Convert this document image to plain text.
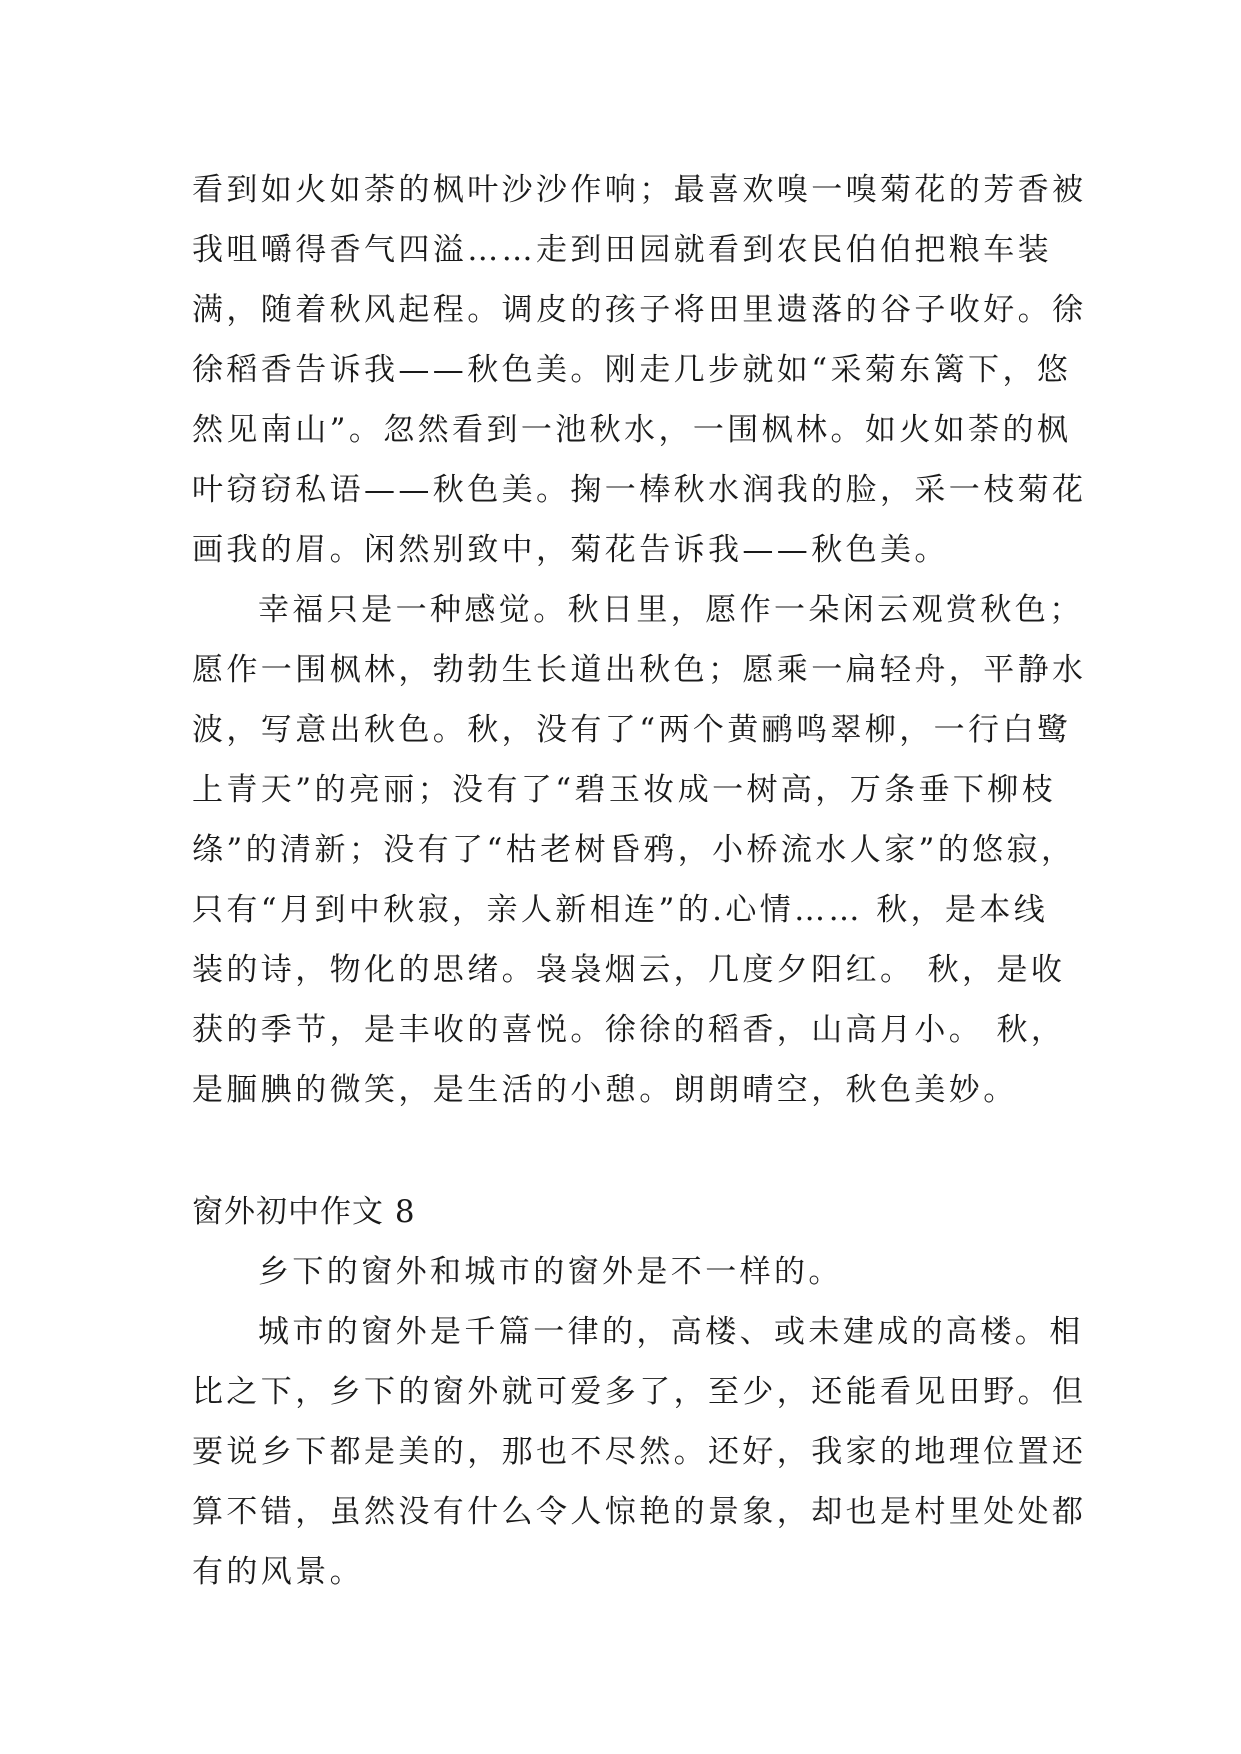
看到如火如荼的枫叶沙沙作响；最喜欢嗅一嗅菊花的芳香被
我咀嚼得香气四溢……走到田园就看到农民伯伯把粮车装
满，随着秋风起程。调皮的孩子将田里遗落的谷子收好。徐
徐稻香告诉我——秋色美。刚走几步就如“采菊东篱下，悠
然见南山”。忽然看到一池秋水，一围枫林。如火如荼的枫
叶窃窃私语——秋色美。掬一棒秋水润我的脸，采一枝菊花
画我的眉。闲然别致中，菊花告诉我——秋色美。
幸福只是一种感觉。秋日里，愿作一朵闲云观赏秋色；
愿作一围枫林，勃勃生长道出秋色；愿乘一扁轻舟，平静水
波，写意出秋色。秋，没有了“两个黄鹂鸣翠柳，一行白鹭
上青天”的亮丽；没有了“碧玉妆成一树高，万条垂下柳枝
绦”的清新；没有了“枯老树昏鸦，小桥流水人家”的悠寂，
只有“月到中秋寂，亲人新相连”的.心情…… 秋，是本线
装的诗，物化的思绪。袅袅烟云，几度夕阳红。 秋，是收
获的季节，是丰收的喜悦。徐徐的稻香，山高月小。 秋，
是腼腆的微笑，是生活的小憩。朗朗晴空，秋色美妙。
窗外初中作文 8
乡下的窗外和城市的窗外是不一样的。
城市的窗外是千篇一律的，高楼、或未建成的高楼。相
比之下，乡下的窗外就可爱多了，至少，还能看见田野。但
要说乡下都是美的，那也不尽然。还好，我家的地理位置还
算不错，虽然没有什么令人惊艳的景象，却也是村里处处都
有的风景。
